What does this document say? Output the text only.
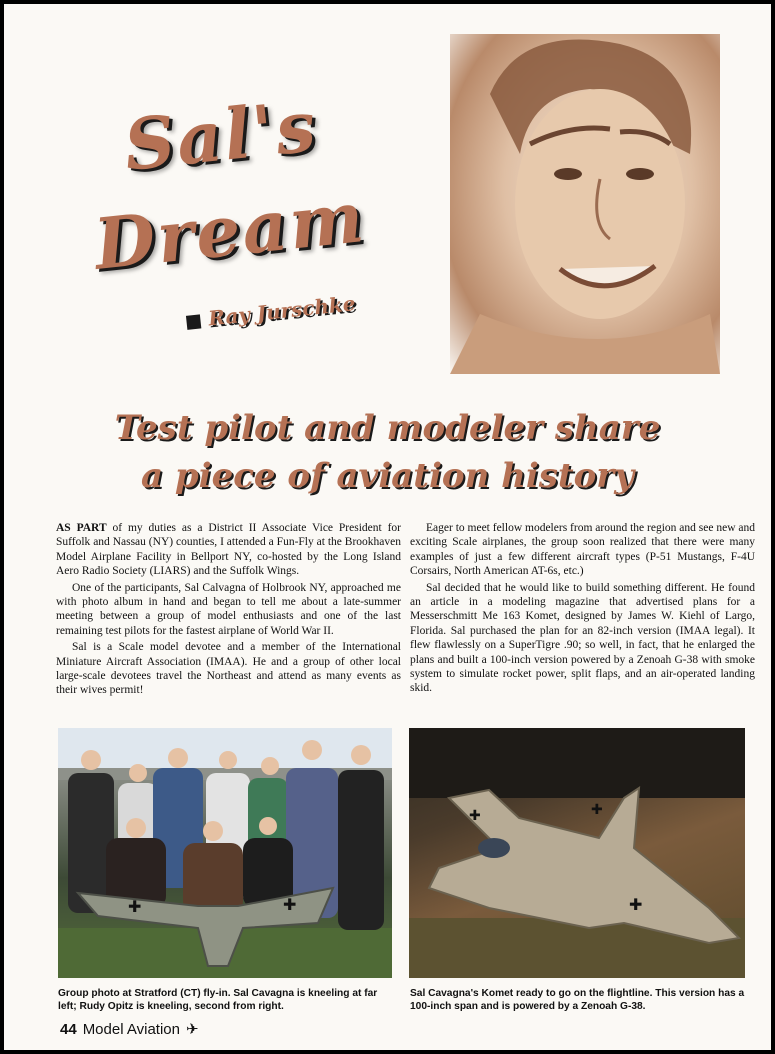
Sal's
Dream
Ray Jurschke
Test pilot and modeler share
a piece of aviation history

AS PART of my duties as a District II Associate Vice President for Suffolk and Nassau (NY) counties, I attended a Fun-Fly at the Brookhaven Model Airplane Facility in Bellport NY, co-hosted by the Long Island Aero Radio Society (LIARS) and the Suffolk Wings.

One of the participants, Sal Calvagna of Holbrook NY, approached me with photo album in hand and began to tell me about a late-summer meeting between a group of model enthusiasts and one of the last remaining test pilots for the fastest airplane of World War II.

Sal is a Scale model devotee and a member of the International Miniature Aircraft Association (IMAA). He and a group of other local large-scale devotees travel the Northeast and attend as many events as their wives permit!

Eager to meet fellow modelers from around the region and see new and exciting Scale airplanes, the group soon realized that there were many examples of just a few different aircraft types (P-51 Mustangs, F-4U Corsairs, North American AT-6s, etc.)

Sal decided that he would like to build something different. He found an article in a modeling magazine that advertised plans for a Messerschmitt Me 163 Komet, designed by James W. Kiehl of Largo, Florida. Sal purchased the plan for an 82-inch version (IMAA legal). It flew flawlessly on a SuperTigre .90; so well, in fact, that he enlarged the plans and built a 100-inch version powered by a Zenoah G-38 with smoke system to simulate rocket power, split flaps, and an air-operated landing skid.

✚	✚
✚
✚
✚
Group photo at Stratford (CT) fly-in. Sal Cavagna is kneeling at far left; Rudy Opitz is kneeling, second from right.
Sal Cavagna's Komet ready to go on the flightline. This version has a 100-inch span and is powered by a Zenoah G-38.
44 Model Aviation ✈
